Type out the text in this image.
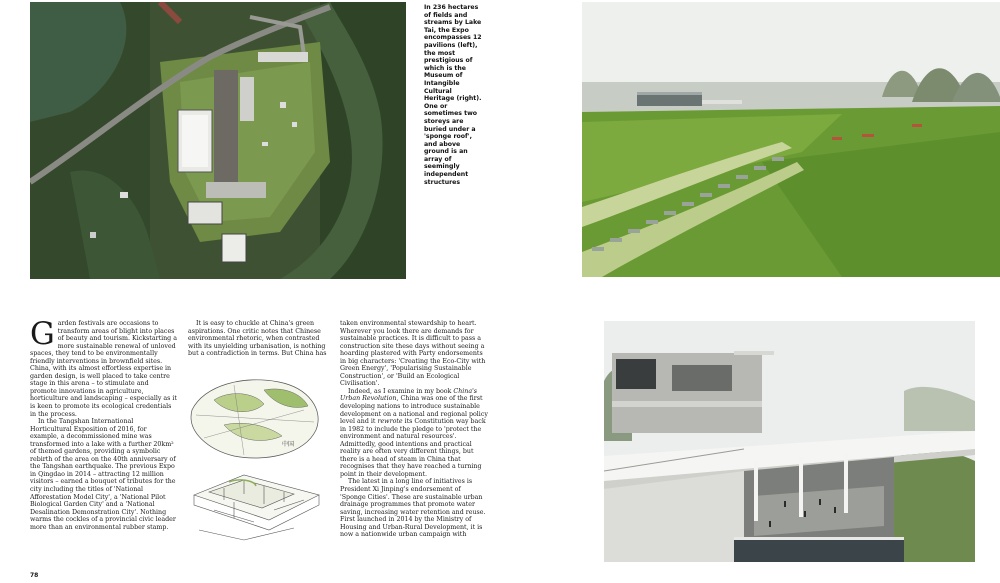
In 236 hectares of fields and streams by Lake Tai, the Expo encompasses 12 pavilions (left), the most prestigious of which is the Museum of Intangible Cultural Heritage (right). One or sometimes two storeys are buried under a 'sponge roof', and above ground is an array of seemingly independent structures

G arden festivals are occasions to transform areas of blight into places of beauty and tourism. Kickstarting a more sustainable renewal of unloved spaces, they tend to be environmentally friendly interventions in brownfield sites. China, with its almost effortless expertise in garden design, is well placed to take centre stage in this arena – to stimulate and promote innovations in agriculture, horticulture and landscaping – especially as it is keen to promote its ecological credentials in the process.

In the Tangshan International Horticultural Exposition of 2016, for example, a decommissioned mine was transformed into a lake with a further 20km² of themed gardens, providing a symbolic rebirth of the area on the 40th anniversary of the Tangshan earthquake. The previous Expo in Qingdao in 2014 – attracting 12 million visitors – earned a bouquet of tributes for the city including the titles of 'National Afforestation Model City', a 'National Pilot Biological Garden City' and a 'National Desalination Demonstration City'. Nothing warms the cockles of a provincial civic leader more than an environmental rubber stamp.

It is easy to chuckle at China's green aspirations. One critic notes that Chinese environmental rhetoric, when contrasted with its unyielding urbanisation, is nothing but a contradiction in terms. But China has

中国

taken environmental stewardship to heart. Wherever you look there are demands for sustainable practices. It is difficult to pass a construction site these days without seeing a hoarding plastered with Party endorsements in big characters: 'Creating the Eco-City with Green Energy', 'Popularising Sustainable Construction', or 'Build an Ecological Civilisation'.

Indeed, as I examine in my book China's Urban Revolution, China was one of the first developing nations to introduce sustainable development on a national and regional policy level and it rewrote its Constitution way back in 1982 to include the pledge to 'protect the environment and natural resources'. Admittedly, good intentions and practical reality are often very different things, but there is a head of steam in China that recognises that they have reached a turning point in their development.

The latest in a long line of initiatives is President Xi Jinping's endorsement of 'Sponge Cities'. These are sustainable urban drainage programmes that promote water saving, increasing water retention and reuse. First launched in 2014 by the Ministry of Housing and Urban-Rural Development, it is now a nationwide urban campaign with

78
